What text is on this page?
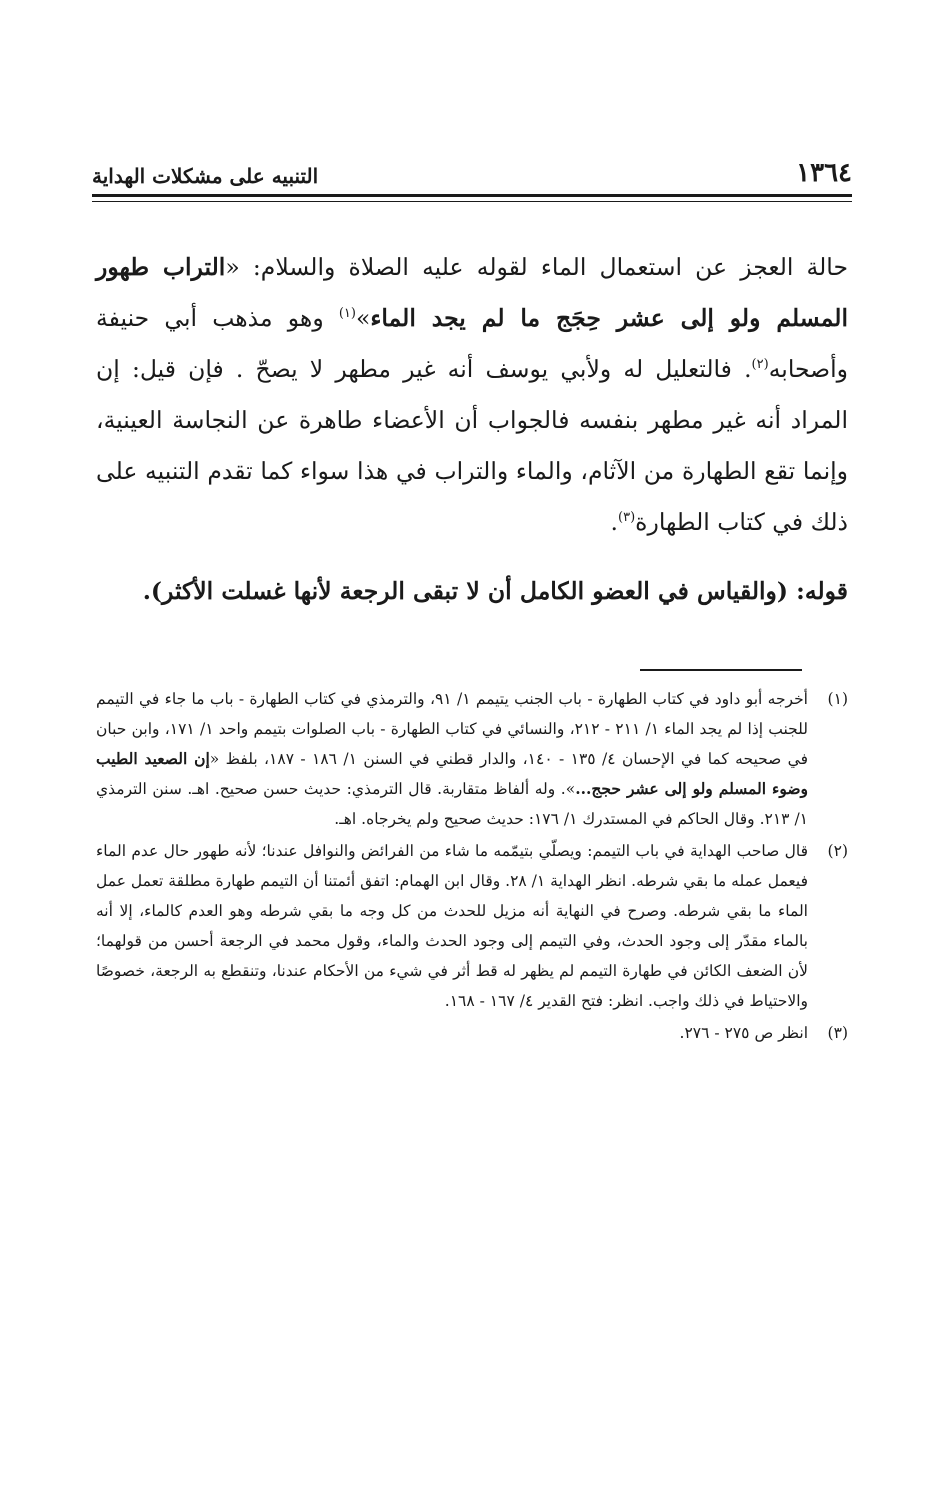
١٣٦٤
التنبيه على مشكلات الهداية

حالة العجز عن استعمال الماء لقوله عليه الصلاة والسلام: «التراب طهور المسلم ولو إلى عشر حِجَج ما لم يجد الماء»$^{(١)}$ وهو مذهب أبي حنيفة وأصحابه$^{(٢)}$. فالتعليل له ولأبي يوسف أنه غير مطهر لا يصحّ . فإن قيل: إن المراد أنه غير مطهر بنفسه فالجواب أن الأعضاء طاهرة عن النجاسة العينية، وإنما تقع الطهارة من الآثام، والماء والتراب في هذا سواء كما تقدم التنبيه على ذلك في كتاب الطهارة$^{(٣)}$.

قوله: (والقياس في العضو الكامل أن لا تبقى الرجعة لأنها غسلت الأكثر).

(١)
أخرجه أبو داود في كتاب الطهارة - باب الجنب يتيمم ١/ ٩١، والترمذي في كتاب الطهارة - باب ما جاء في التيمم للجنب إذا لم يجد الماء ١/ ٢١١ - ٢١٢، والنسائي في كتاب الطهارة - باب الصلوات بتيمم واحد ١/ ١٧١، وابن حبان في صحيحه كما في الإحسان ٤/ ١٣٥ - ١٤٠، والدار قطني في السنن ١/ ١٨٦ - ١٨٧، بلفظ «إن الصعيد الطيب وضوء المسلم ولو إلى عشر حجج...». وله ألفاظ متقاربة. قال الترمذي: حديث حسن صحيح. اهـ. سنن الترمذي ١/ ٢١٣. وقال الحاكم في المستدرك ١/ ١٧٦: حديث صحيح ولم يخرجاه. اهـ.
(٢)
قال صاحب الهداية في باب التيمم: ويصلّي بتيمّمه ما شاء من الفرائض والنوافل عندنا؛ لأنه طهور حال عدم الماء فيعمل عمله ما بقي شرطه. انظر الهداية ١/ ٢٨. وقال ابن الهمام: اتفق أئمتنا أن التيمم طهارة مطلقة تعمل عمل الماء ما بقي شرطه. وصرح في النهاية أنه مزيل للحدث من كل وجه ما بقي شرطه وهو العدم كالماء، إلا أنه بالماء مقدّر إلى وجود الحدث، وفي التيمم إلى وجود الحدث والماء، وقول محمد في الرجعة أحسن من قولهما؛ لأن الضعف الكائن في طهارة التيمم لم يظهر له قط أثر في شيء من الأحكام عندنا، وتنقطع به الرجعة، خصوصًا والاحتياط في ذلك واجب. انظر: فتح القدير ٤/ ١٦٧ - ١٦٨.
(٣)
انظر ص ٢٧٥ - ٢٧٦.
